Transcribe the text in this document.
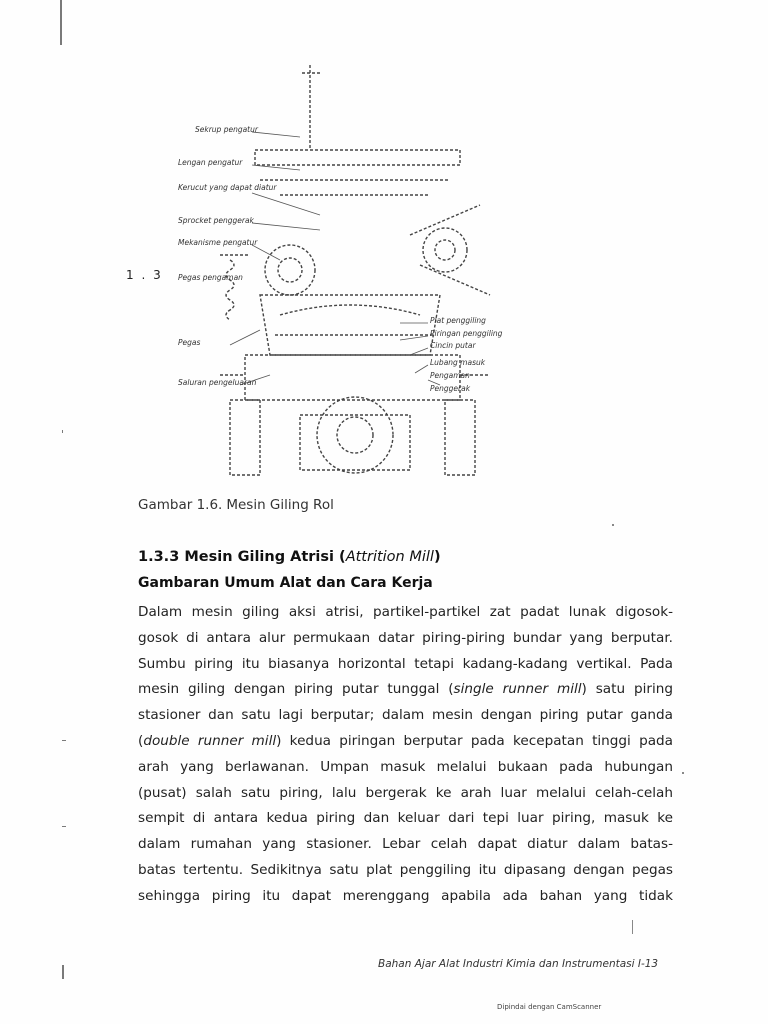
Sekrup pengatur
Lengan pengatur
Kerucut yang dapat diatur
Sprocket penggerak
Mekanisme pengatur
Pegas pengaman
Pegas
Saluran pengeluaran
Plat penggiling
Piringan penggiling
Cincin putar
Lubang masuk
Pengaman
Penggerak
1 . 3
Gambar 1.6. Mesin Giling Rol
1.3.3 Mesin Giling Atrisi (Attrition Mill)
Gambaran Umum Alat dan Cara Kerja

Dalam mesin giling aksi atrisi, partikel-partikel zat padat lunak digosok-

gosok di antara alur permukaan datar piring-piring bundar yang berputar.

Sumbu piring itu biasanya horizontal tetapi kadang-kadang vertikal. Pada

mesin giling dengan piring putar tunggal (single runner mill) satu piring

stasioner dan satu lagi berputar; dalam mesin dengan piring putar ganda

(double runner mill) kedua piringan berputar pada kecepatan tinggi pada

arah yang berlawanan. Umpan masuk melalui bukaan pada hubungan

(pusat) salah satu piring, lalu bergerak ke arah luar melalui celah-celah

sempit di antara kedua piring dan keluar dari tepi luar piring, masuk ke

dalam rumahan yang stasioner. Lebar celah dapat diatur dalam batas-

batas tertentu. Sedikitnya satu plat penggiling itu dipasang dengan pegas

sehingga piring itu dapat merenggang apabila ada bahan yang tidak

Bahan Ajar Alat Industri Kimia dan Instrumentasi I-13
Dipindai dengan CamScanner
